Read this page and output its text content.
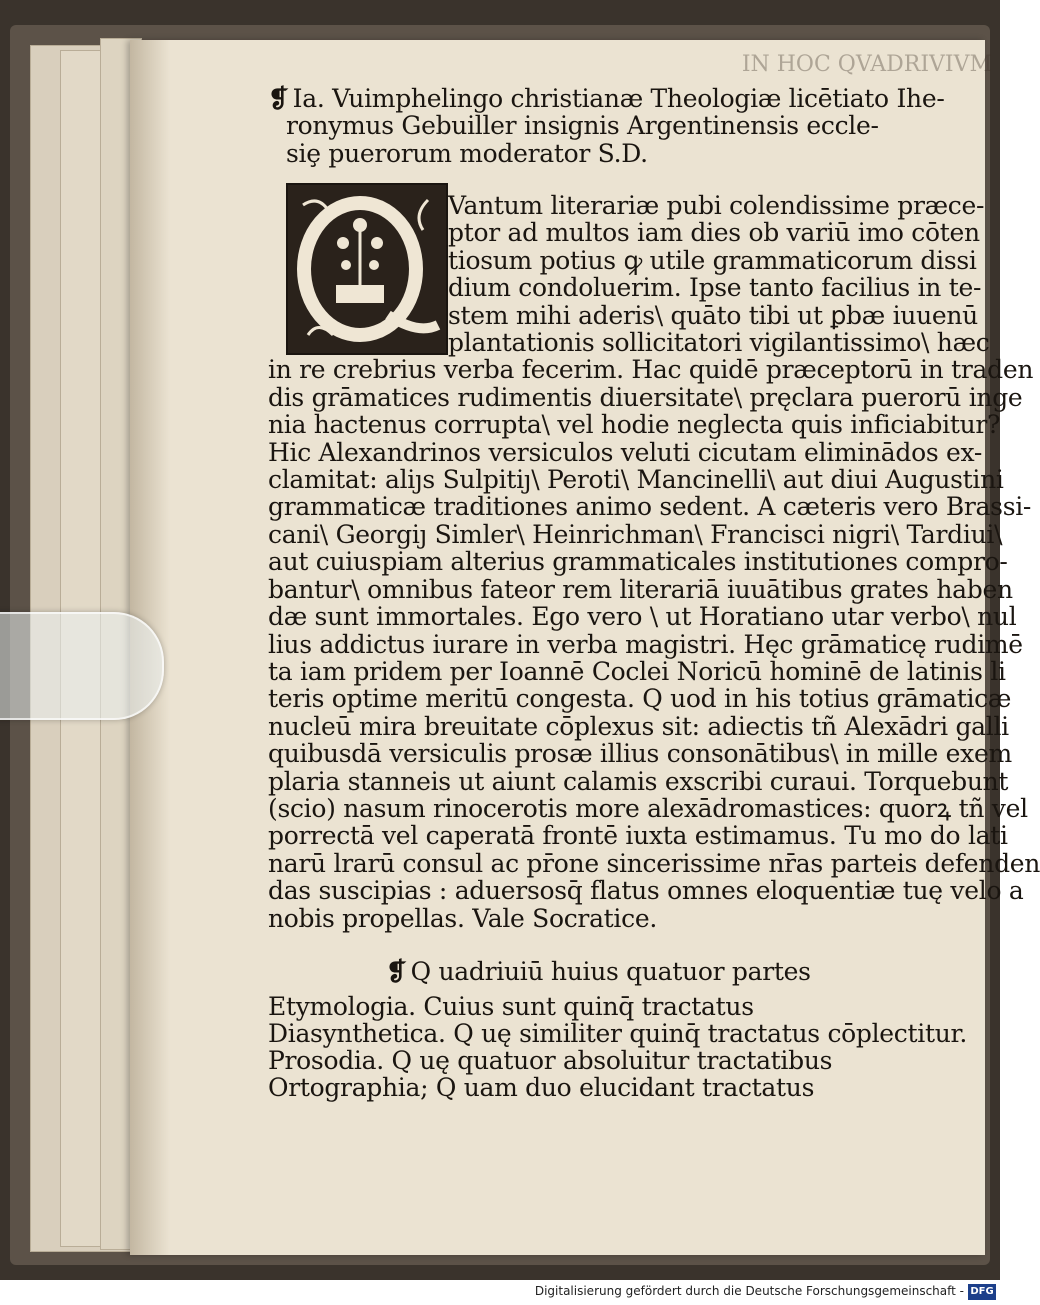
IN HOC QVADRIVIVM
❡ Ia. Vuimphelingo christianæ Theologiæ licētiato Ihe-
ronymus Gebuiller insignis Argentinensis eccle-
siȩ puerorum moderator S.D.
Vantum literariæ pubi colendissime præce-
ptor ad multos iam dies ob variū imo cōten
tiosum potius ꝙ utile grammaticorum dissi
dium condoluerim. Ipse tanto facilius in te-
stem mihi aderis\ quāto tibi ut ꝑbæ iuuenū
plantationis sollicitatori vigilantissimo\ hæc
in re crebrius verba fecerim. Hac quidē præceptorū in traden
dis grāmatices rudimentis diuersitate\ pręclara puerorū inge
nia hactenus corrupta\ vel hodie neglecta quis inficiabitur?
Hic Alexandrinos versiculos veluti cicutam eliminādos ex-
clamitat: aliȷs Sulpitiȷ\ Peroti\ Mancinelli\ aut diui Augustini
grammaticæ traditiones animo sedent. A cæteris vero Brassi-
cani\ Georgiȷ Simler\ Heinrichman\ Francisci nigri\ Tardiui\
aut cuiuspiam alterius grammaticales institutiones compro-
bantur\ omnibus fateor rem literariā iuuātibus grates haben
dæ sunt immortales. Ego vero \ ut Horatiano utar verbo\ nul
lius addictus iurare in verba magistri. Hęc grāmaticę rudimē
ta iam pridem per Ioannē Coclei Noricū hominē de latinis li
teris optime meritū congesta. Q uod in his totius grāmaticæ
nucleū mira breuitate cōplexus sit: adiectis tñ Alexādri galli
quibusdā versiculis prosæ illius consonātibus\ in mille exem
plaria stanneis ut aiunt calamis exscribi curaui. Torquebunt
(scio) nasum rinocerotis more alexādromastices: quorꝝ tñ vel
porrectā vel caperatā frontē iuxta estimamus. Tu mo do lati
narū lrarū consul ac pr̄one sincerissime nr̄as parteis defenden
das suscipias : aduersosq̄ flatus omnes eloquentiæ tuę velo a
nobis propellas. Vale Socratice.
❡ Q uadriuiū huius quatuor partes
Etymologia. Cuius sunt quinq̄ tractatus
Diasynthetica. Q uę similiter quinq̄ tractatus cōplectitur.
Prosodia. Q uę quatuor absoluitur tractatibus
Ortographia; Q uam duo elucidant tractatus
Digitalisierung gefördert durch die Deutsche Forschungsgemeinschaft - DFG
